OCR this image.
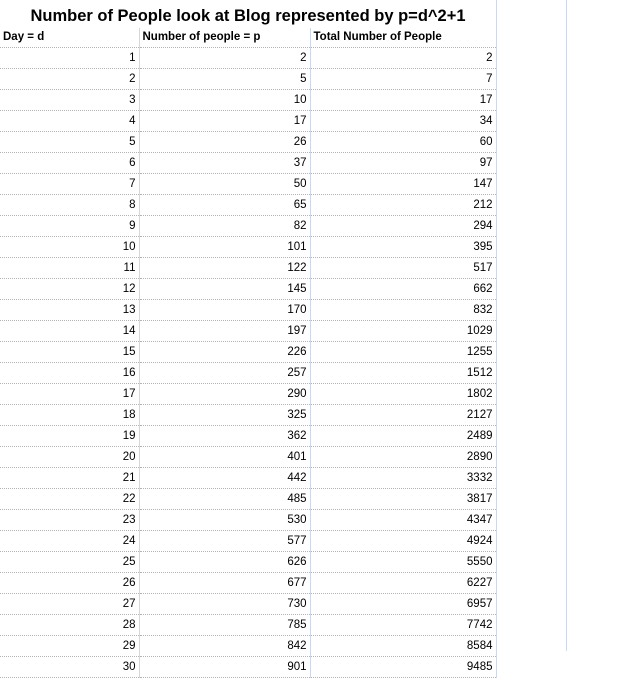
Number of People look at Blog represented by p=d^2+1
Day = d	Number of people = p	Total Number of People
1	2	2
2	5	7
3	10	17
4	17	34
5	26	60
6	37	97
7	50	147
8	65	212
9	82	294
10	101	395
11	122	517
12	145	662
13	170	832
14	197	1029
15	226	1255
16	257	1512
17	290	1802
18	325	2127
19	362	2489
20	401	2890
21	442	3332
22	485	3817
23	530	4347
24	577	4924
25	626	5550
26	677	6227
27	730	6957
28	785	7742
29	842	8584
30	901	9485
